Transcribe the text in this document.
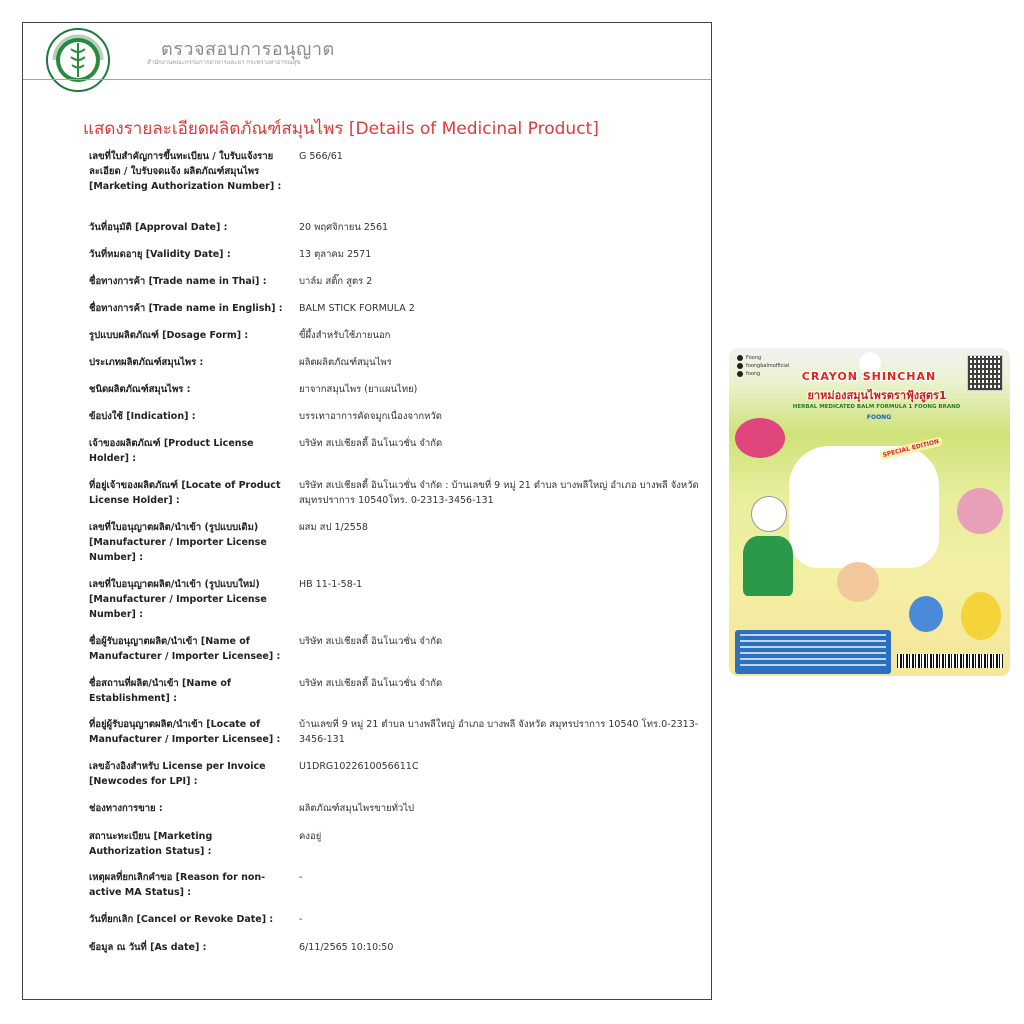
ตรวจสอบการอนุญาต
สำนักงานคณะกรรมการอาหารและยา กระทรวงสาธารณสุข
แสดงรายละเอียดผลิตภัณฑ์สมุนไพร [Details of Medicinal Product]
เลขที่ใบสำคัญการขึ้นทะเบียน / ใบรับแจ้งรายละเอียด / ใบรับจดแจ้ง ผลิตภัณฑ์สมุนไพร [Marketing Authorization Number] :
G 566/61
วันที่อนุมัติ [Approval Date] :	20 พฤศจิกายน 2561
วันที่หมดอายุ [Validity Date] :	13 ตุลาคม 2571
ชื่อทางการค้า [Trade name in Thai] :	บาล์ม สติ๊ก สูตร 2
ชื่อทางการค้า [Trade name in English] : BALM STICK FORMULA 2
รูปแบบผลิตภัณฑ์ [Dosage Form] :	ขี้ผึ้งสำหรับใช้ภายนอก
ประเภทผลิตภัณฑ์สมุนไพร :	ผลิตผลิตภัณฑ์สมุนไพร
ชนิดผลิตภัณฑ์สมุนไพร :	ยาจากสมุนไพร (ยาแผนไทย)
ข้อบ่งใช้ [Indication] :	บรรเทาอาการคัดจมูกเนื่องจากหวัด
เจ้าของผลิตภัณฑ์ [Product License Holder] :
บริษัท สเปเชียลตี้ อินโนเวชั่น จำกัด
ที่อยู่เจ้าของผลิตภัณฑ์ [Locate of Product License Holder] :
บริษัท สเปเชียลตี้ อินโนเวชั่น จำกัด : บ้านเลขที่ 9 หมู่ 21 ตำบล บางพลีใหญ่ อำเภอ บางพลี จังหวัด สมุทรปราการ 10540โทร. 0-2313-3456-131
เลขที่ใบอนุญาตผลิต/นำเข้า (รูปแบบเดิม) [Manufacturer / Importer License Number] :
ผสม สป 1/2558
เลขที่ใบอนุญาตผลิต/นำเข้า (รูปแบบใหม่) [Manufacturer / Importer License Number] :
HB 11-1-58-1
ชื่อผู้รับอนุญาตผลิต/นำเข้า [Name of Manufacturer / Importer Licensee] :
บริษัท สเปเชียลตี้ อินโนเวชั่น จำกัด
ชื่อสถานที่ผลิต/นำเข้า [Name of Establishment] :
บริษัท สเปเชียลตี้ อินโนเวชั่น จำกัด
ที่อยู่ผู้รับอนุญาตผลิต/นำเข้า [Locate of Manufacturer / Importer Licensee] :
บ้านเลขที่ 9 หมู่ 21 ตำบล บางพลีใหญ่ อำเภอ บางพลี จังหวัด สมุทรปราการ 10540 โทร.0-2313-3456-131
เลขอ้างอิงสำหรับ License per Invoice [Newcodes for LPI] :
U1DRG1022610056611C
ช่องทางการขาย :	ผลิตภัณฑ์สมุนไพรขายทั่วไป
สถานะทะเบียน [Marketing Authorization Status] :
คงอยู่
เหตุผลที่ยกเลิกคำขอ [Reason for non-active MA Status] :
-
วันที่ยกเลิก [Cancel or Revoke Date] :	-
ข้อมูล ณ วันที่ [As date] :	6/11/2565 10:10:50
Foong
foongbalmofficial
foong	CRAYON SHINCHAN
ยาหม่องสมุนไพรตราฟุ้งสูตร1
HERBAL MEDICATED BALM FORMULA 1 FOONG BRAND
FOONG
SPECIAL EDITION
